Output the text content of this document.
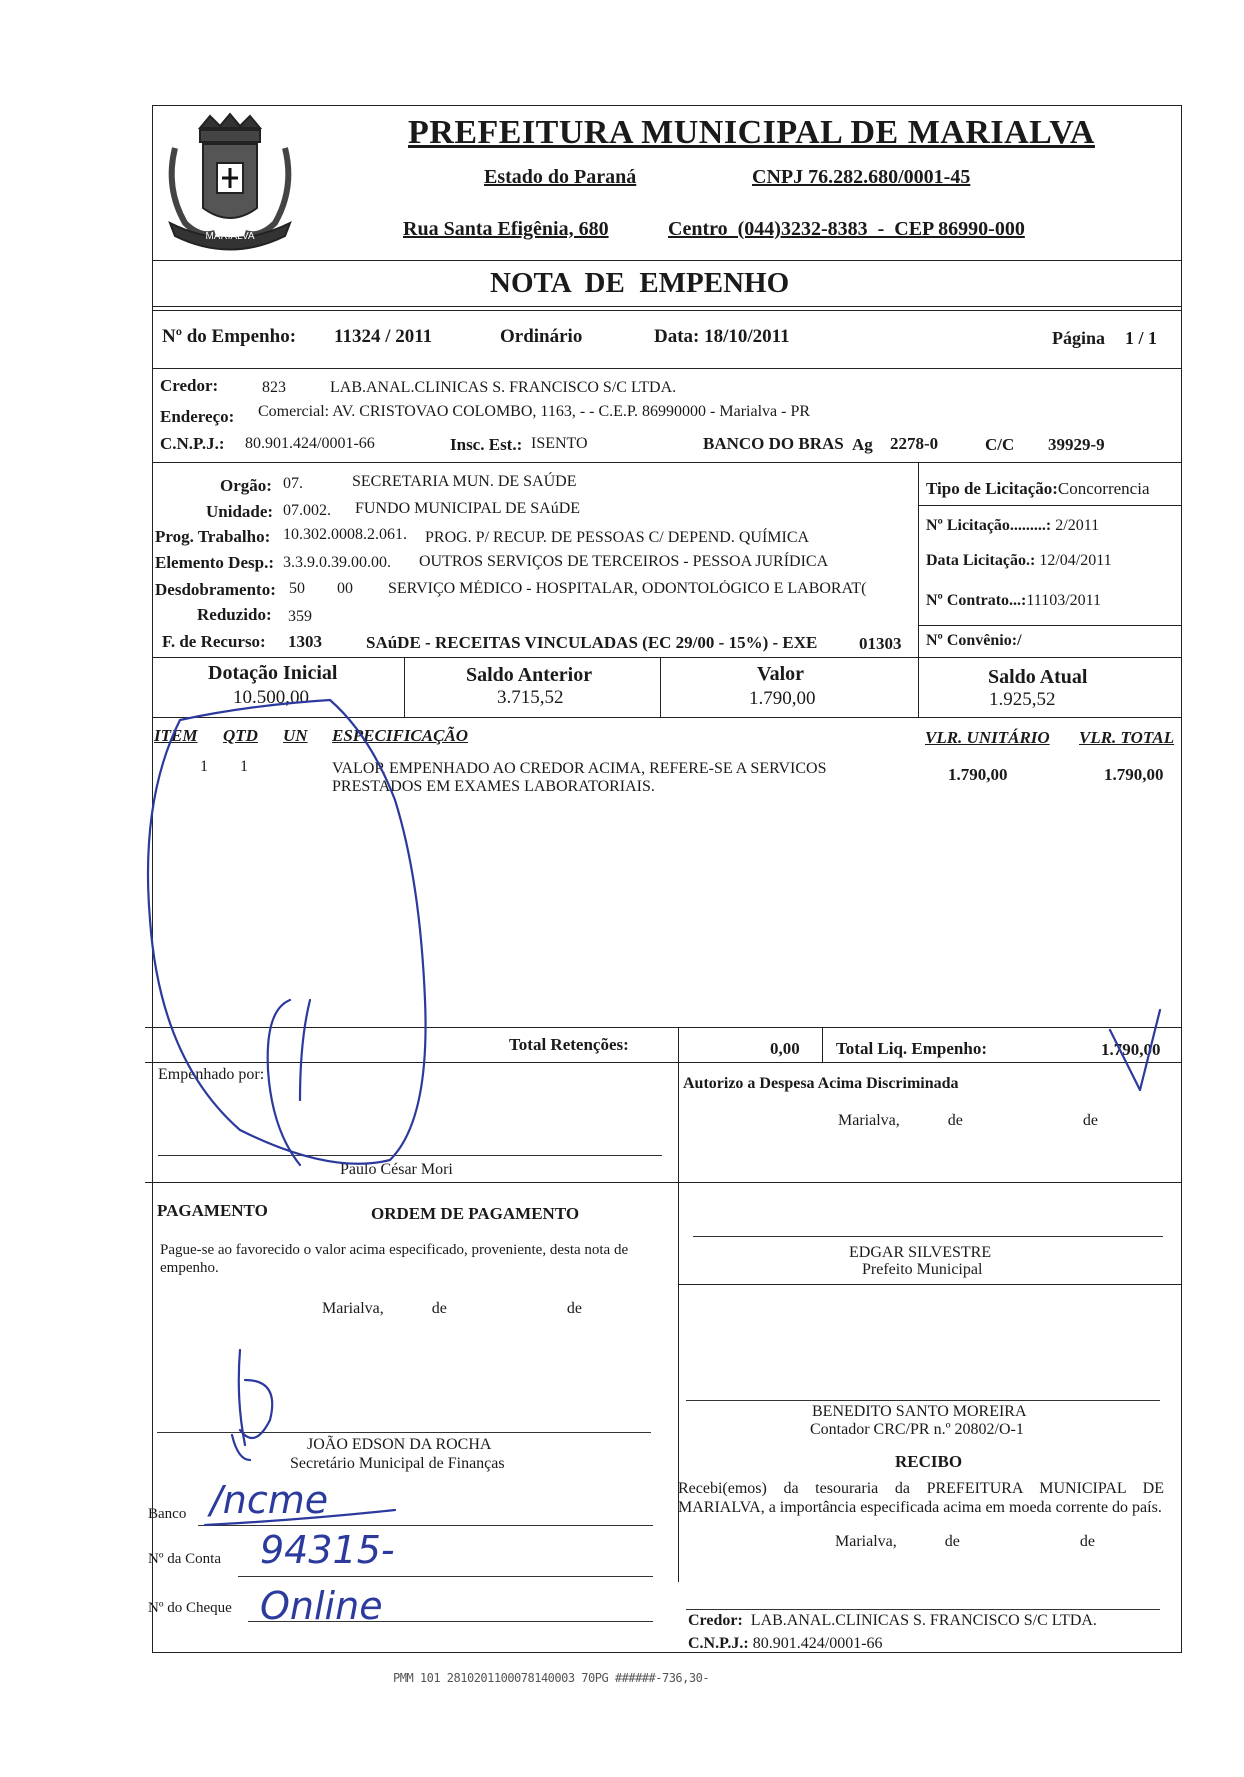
MARIALVA
PREFEITURA MUNICIPAL DE MARIALVA
Estado do Paraná	CNPJ 76.282.680/0001-45
Rua Santa Efigênia, 680	Centro  (044)3232-8383  -  CEP 86990-000
NOTA  DE  EMPENHO
Nº do Empenho: 11324 / 2011	Ordinário	Data: 18/10/2011	Página 1 / 1
Credor:	823	LAB.ANAL.CLINICAS S. FRANCISCO S/C LTDA.
Endereço: Comercial: AV. CRISTOVAO COLOMBO, 1163, - - C.E.P. 86990000 - Marialva - PR
C.N.P.J.: 80.901.424/0001-66	Insc. Est.: ISENTO	BANCO DO BRAS Ag 2278-0	C/C 39929-9
Orgão: 07.	SECRETARIA MUN. DE SAÚDE
Unidade: 07.002. FUNDO MUNICIPAL DE SAúDE
Prog. Trabalho: 10.302.0008.2.061. PROG. P/ RECUP. DE PESSOAS C/ DEPEND. QUÍMICA
Elemento Desp.: 3.3.9.0.39.00.00. OUTROS SERVIÇOS DE TERCEIROS - PESSOA JURÍDICA
Desdobramento: 50 00 SERVIÇO MÉDICO - HOSPITALAR, ODONTOLÓGICO E LABORAT(
Reduzido: 359
F. de Recurso: 1303	SAúDE - RECEITAS VINCULADAS (EC 29/00 - 15%) - EXE 01303
Tipo de Licitação:Concorrencia
Nº Licitação.........: 2/2011
Data Licitação.: 12/04/2011
Nº Contrato...:11103/2011
Nº Convênio:/
Dotação Inicial
10.500,00
Saldo Anterior
3.715,52
Valor
1.790,00
Saldo Atual
1.925,52
ITEM QTD UN ESPECIFICAÇÃO	VLR. UNITÁRIO VLR. TOTAL
1 1	VALOR EMPENHADO AO CREDOR ACIMA, REFERE-SE A SERVICOS
PRESTADOS EM EXAMES LABORATORIAIS.
1.790,00	1.790,00
Total Retenções:	0,00 Total Liq. Empenho:	1.790,00
Empenhado por:
Paulo César Mori
Autorizo a Despesa Acima Discriminada
Marialva,            de                              de
PAGAMENTO	ORDEM DE PAGAMENTO
Pague-se ao favorecido o valor acima especificado, proveniente, desta nota de empenho.
Marialva,            de                              de
JOÃO EDSON DA ROCHA
Secretário Municipal de Finanças
EDGAR SILVESTRE
Prefeito Municipal
BENEDITO SANTO MOREIRA
Contador CRC/PR n.º 20802/O-1
RECIBO
Recebi(emos) da tesouraria da PREFEITURA MUNICIPAL DE MARIALVA, a importância especificada acima em moeda corrente do país.
Marialva,            de                              de
Banco /ncme
Nº da Conta 94315-
Nº do Cheque Online	Credor: LAB.ANAL.CLINICAS S. FRANCISCO S/C LTDA.
C.N.P.J.: 80.901.424/0001-66
PMM 101 2810201100078140003 70PG ######-736,30-
